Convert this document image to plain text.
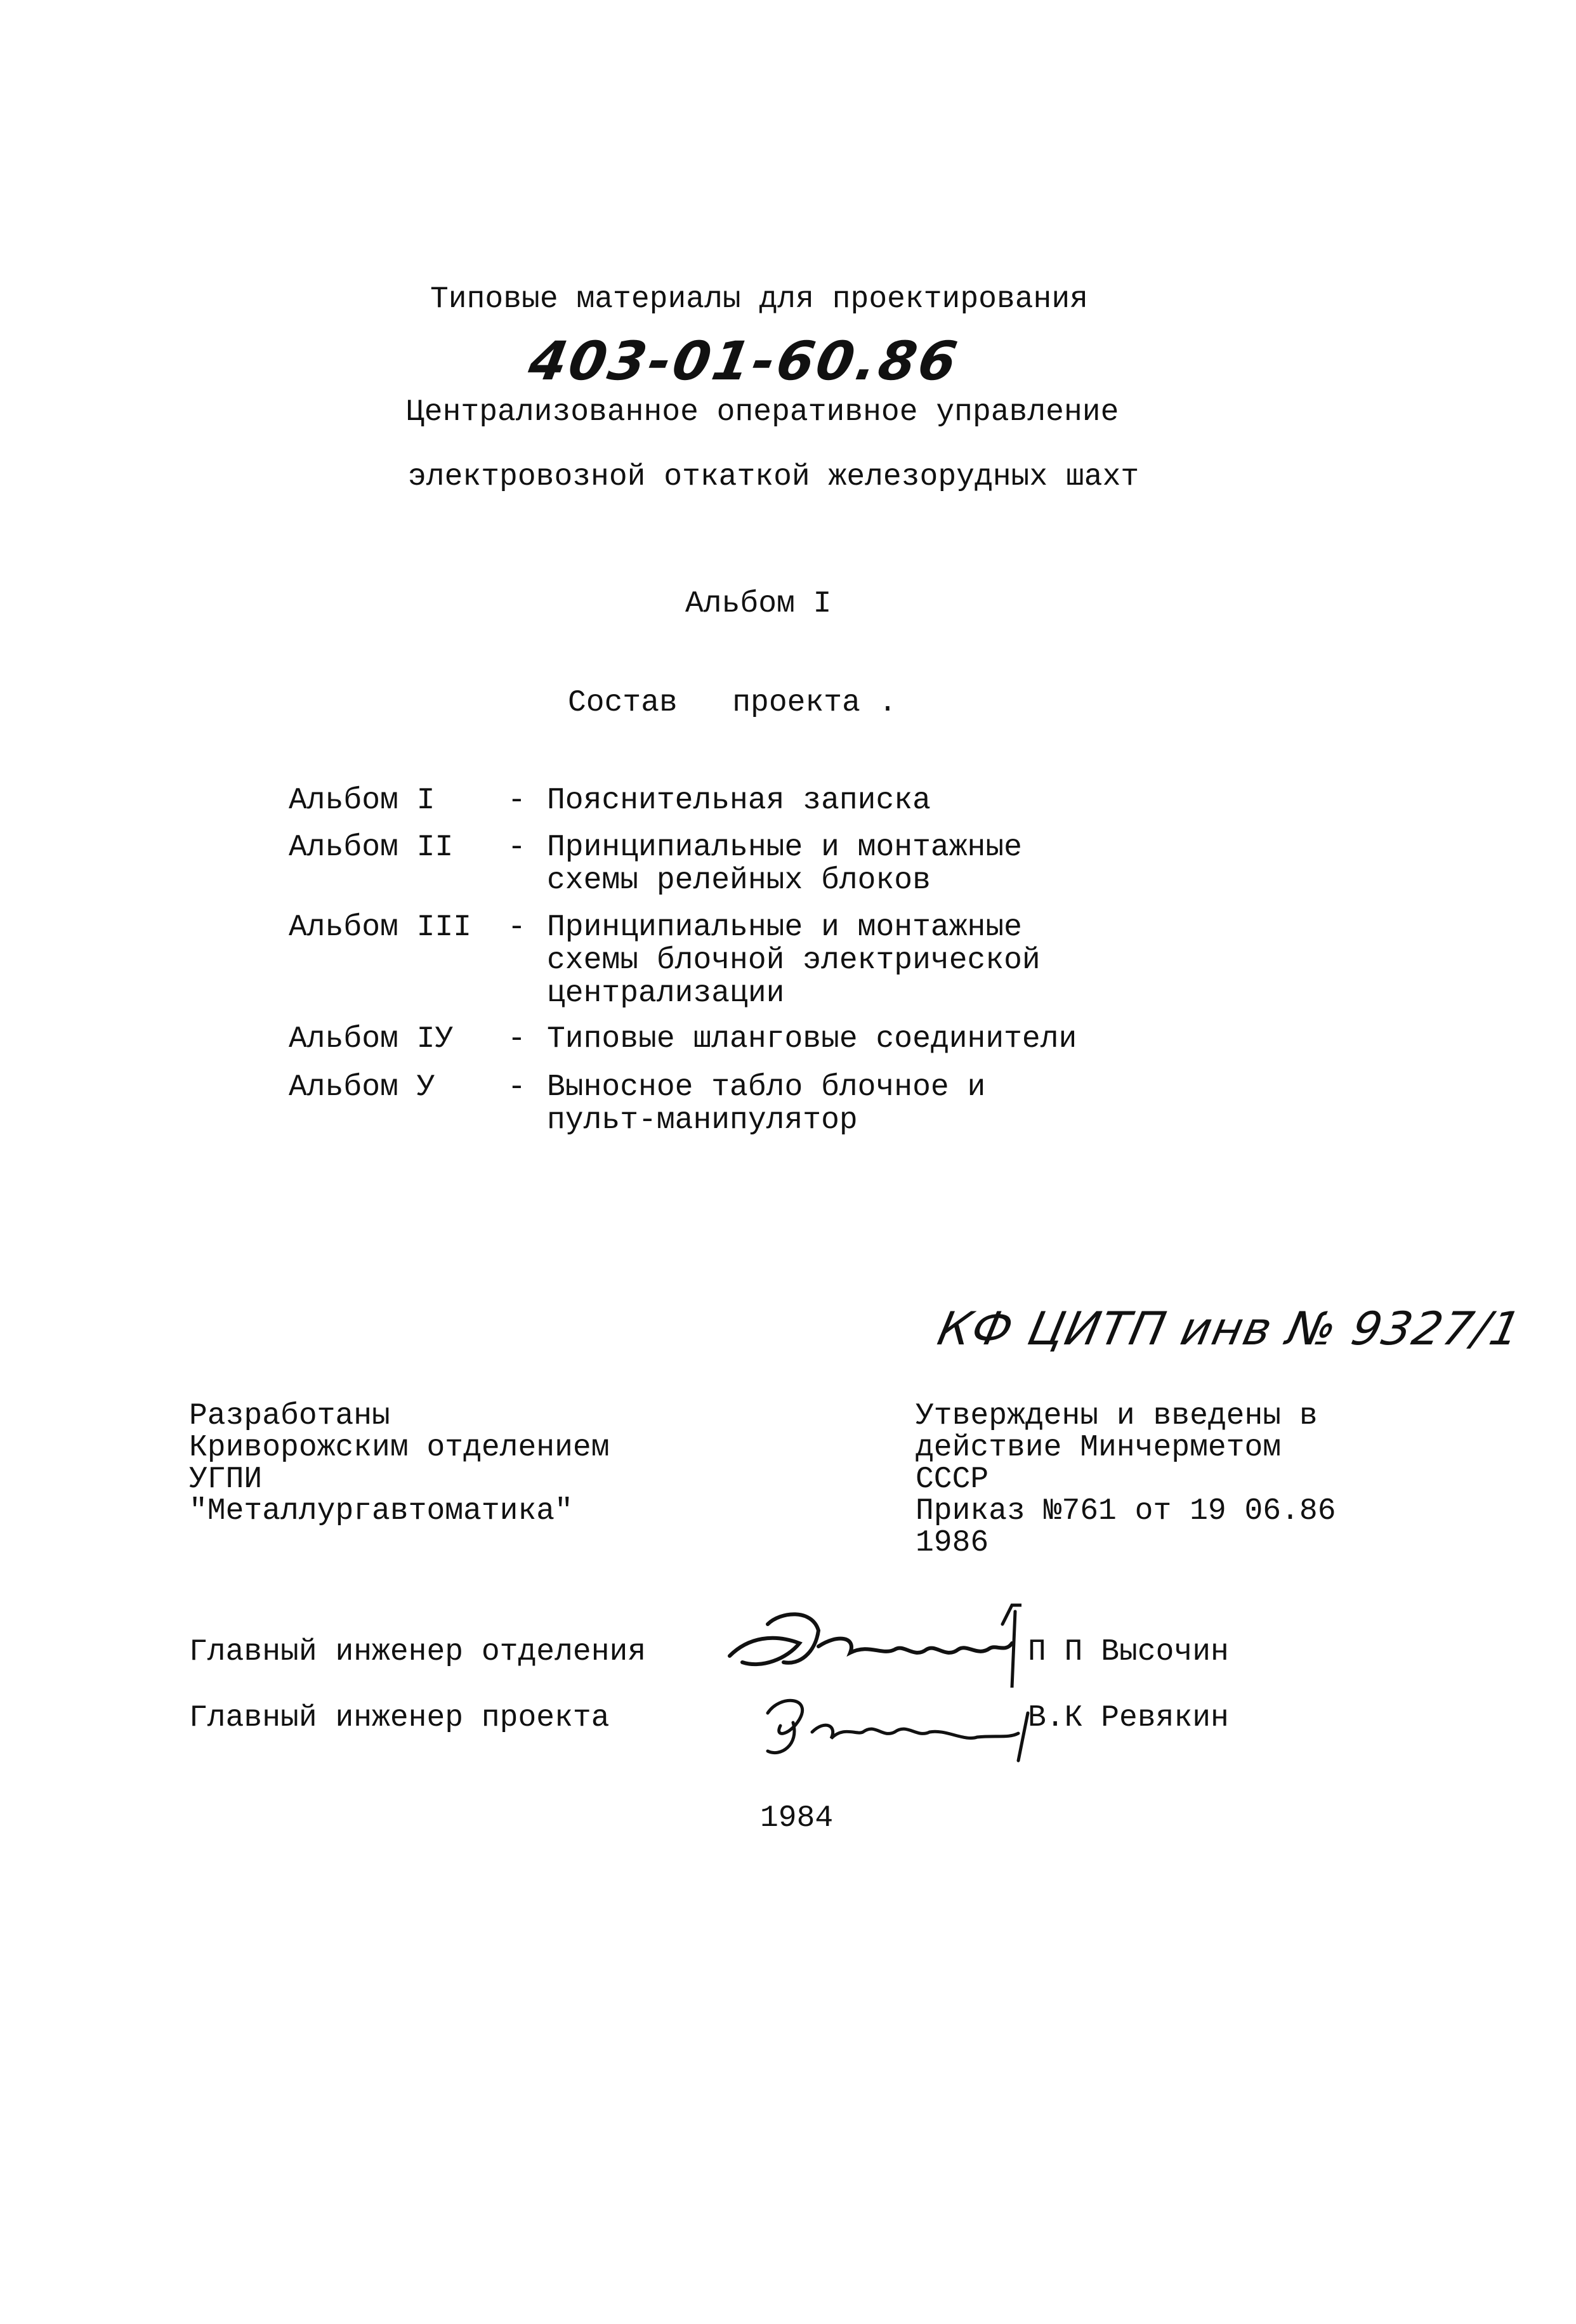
Типовые материалы для проектирования
403-01-60.86
Централизованное оперативное управление
электровозной откаткой железорудных шахт
Альбом I
Состав   проекта .
Альбом I - Пояснительная записка
Альбом II - Принципиальные и монтажные
схемы релейных блоков
Альбом III - Принципиальные и монтажные
схемы блочной электрической
централизации
Альбом IУ - Типовые шланговые соединители
Альбом У - Выносное табло блочное и
пульт-манипулятор
КФ ЦИТП инв № 9327/1
Разработаны
Криворожским отделением
УГПИ
"Металлургавтоматика"
Утверждены и введены в
действие Минчерметом
СССР
Приказ №761 от 19 06.86
1986
Главный инженер отделения	П П Высочин
Главный инженер проекта	В.К Ревякин
1984
